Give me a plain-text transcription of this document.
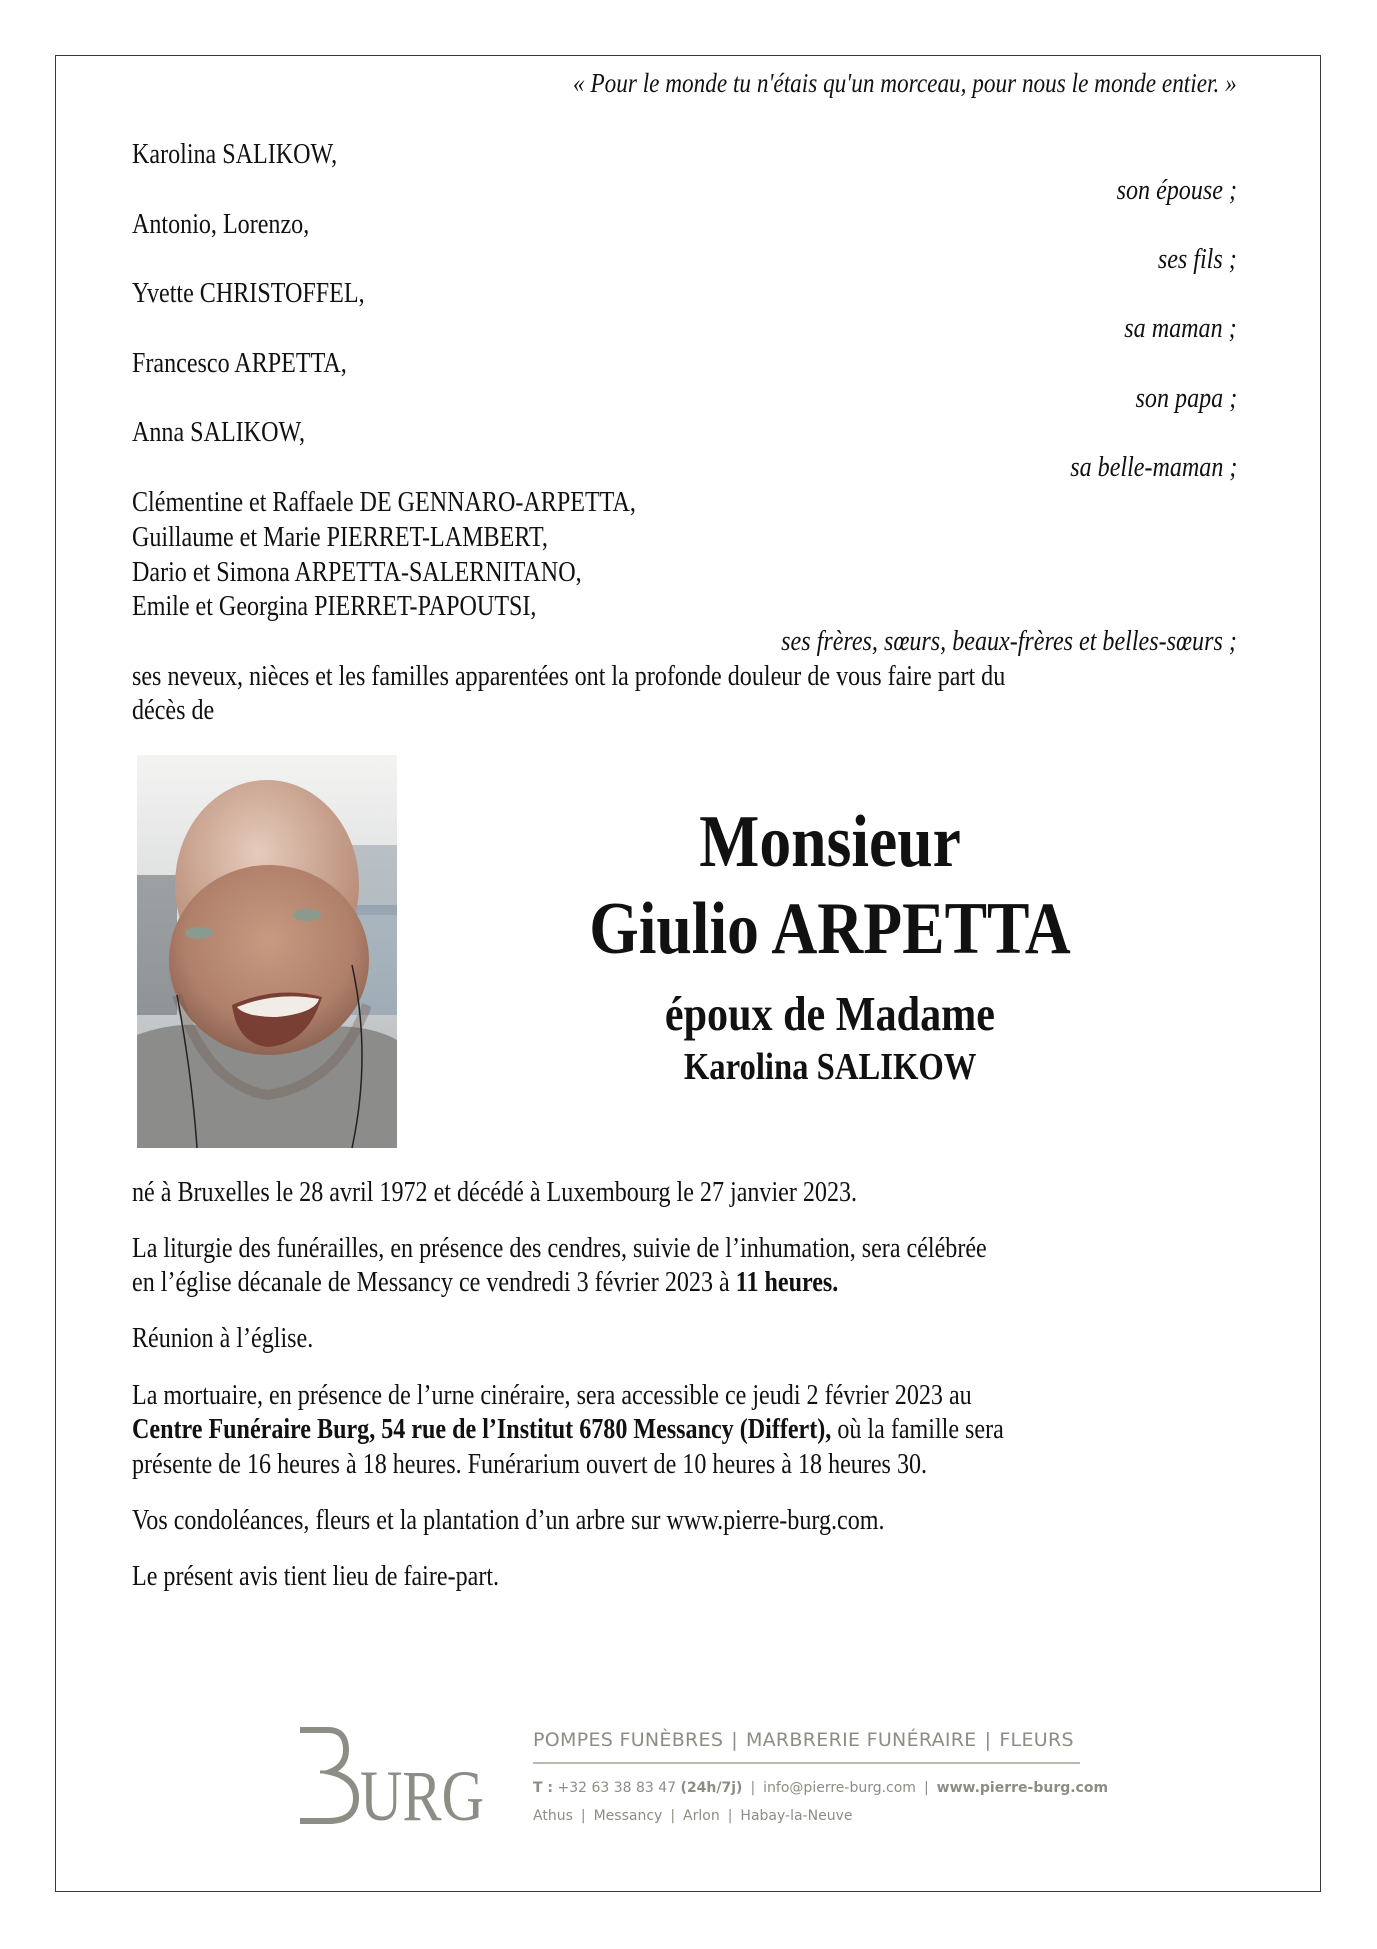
« Pour le monde tu n'étais qu'un morceau, pour nous le monde entier. »
Karolina SALIKOW,
son épouse ;
Antonio, Lorenzo,
ses fils ;
Yvette CHRISTOFFEL,
sa maman ;
Francesco ARPETTA,
son papa ;
Anna SALIKOW,
sa belle-maman ;
Clémentine et Raffaele DE GENNARO-ARPETTA,
Guillaume et Marie PIERRET-LAMBERT,
Dario et Simona ARPETTA-SALERNITANO,
Emile et Georgina PIERRET-PAPOUTSI,
ses frères, sœurs, beaux-frères et belles-sœurs ;
ses neveux, nièces et les familles apparentées ont la profonde douleur de vous faire part du
décès de
Monsieur
Giulio ARPETTA
époux de Madame
Karolina SALIKOW
né à Bruxelles le 28 avril 1972 et décédé à Luxembourg le 27 janvier 2023.
La liturgie des funérailles, en présence des cendres, suivie de l’inhumation, sera célébrée
en l’église décanale de Messancy ce vendredi 3 février 2023 à 11 heures.
Réunion à l’église.
La mortuaire, en présence de l’urne cinéraire, sera accessible ce jeudi 2 février 2023 au
Centre Funéraire Burg, 54 rue de l’Institut 6780 Messancy (Differt), où la famille sera
présente de 16 heures à 18 heures. Funérarium ouvert de 10 heures à 18 heures 30.
Vos condoléances, fleurs et la plantation d’un arbre sur www.pierre-burg.com.
Le présent avis tient lieu de faire-part.
URG
POMPES FUNÈBRES | MARBRERIE FUNÉRAIRE | FLEURS
T : +32 63 38 83 47 (24h/7j) | info@pierre-burg.com | www.pierre-burg.com
Athus | Messancy | Arlon | Habay-la-Neuve
